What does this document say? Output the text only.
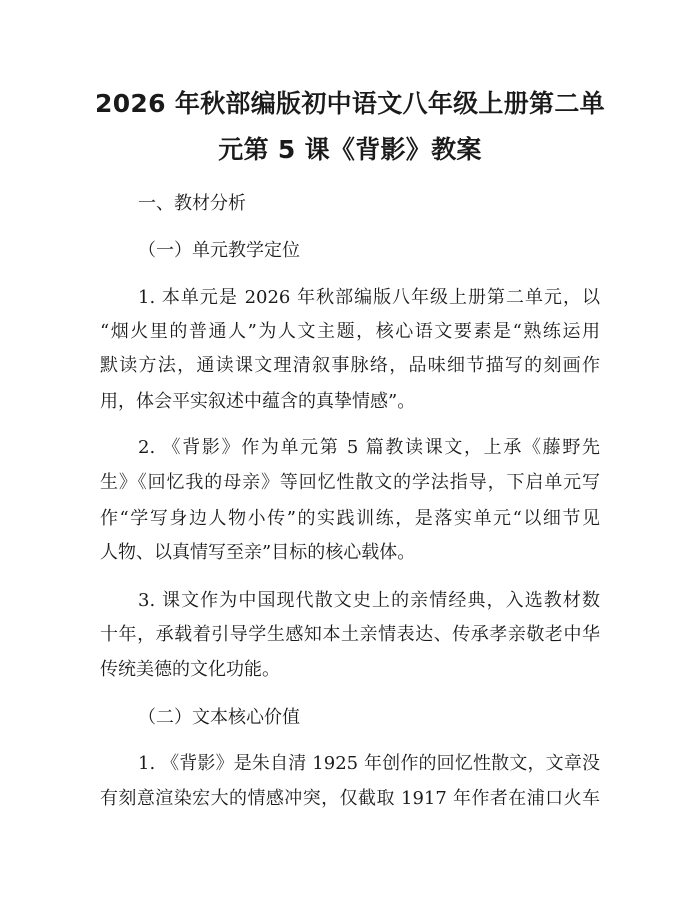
2026 年秋部编版初中语文八年级上册第二单
元第 5 课《背影》教案
一、教材分析
（一）单元教学定位
1. 本单元是 2026 年秋部编版八年级上册第二单元，以
“烟火里的普通人”为人文主题，核心语文要素是“熟练运用
默读方法，通读课文理清叙事脉络，品味细节描写的刻画作
用，体会平实叙述中蕴含的真挚情感”。
2. 《背影》作为单元第 5 篇教读课文，上承《藤野先
生》《回忆我的母亲》等回忆性散文的学法指导，下启单元写
作“学写身边人物小传”的实践训练，是落实单元“以细节见
人物、以真情写至亲”目标的核心载体。
3. 课文作为中国现代散文史上的亲情经典，入选教材数
十年，承载着引导学生感知本土亲情表达、传承孝亲敬老中华
传统美德的文化功能。
（二）文本核心价值
1. 《背影》是朱自清 1925 年创作的回忆性散文，文章没
有刻意渲染宏大的情感冲突，仅截取 1917 年作者在浦口火车
